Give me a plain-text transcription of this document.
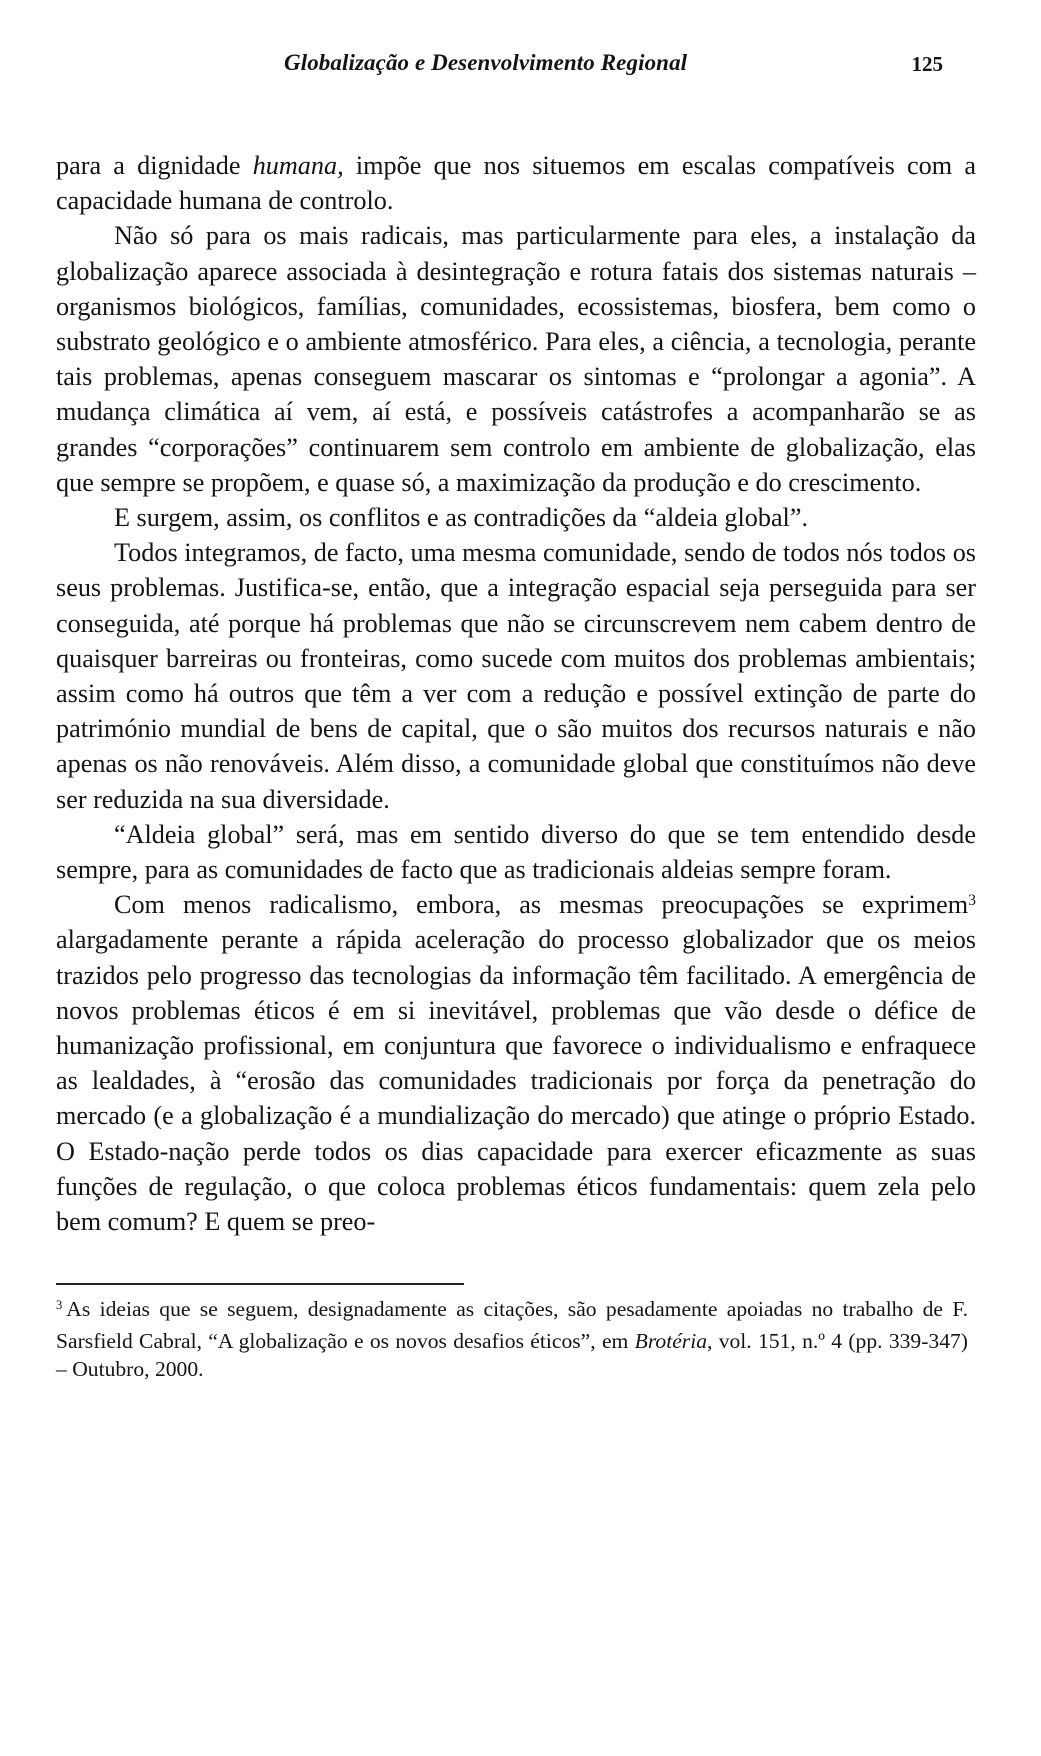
Globalização e Desenvolvimento Regional	125

para a dignidade humana, impõe que nos situemos em escalas compatíveis com a capacidade humana de controlo.

Não só para os mais radicais, mas particularmente para eles, a instalação da globalização aparece associada à desintegração e rotura fatais dos sistemas naturais – organismos biológicos, famílias, comunidades, ecossistemas, biosfera, bem como o substrato geológico e o ambiente atmosférico. Para eles, a ciência, a tecnologia, perante tais problemas, apenas conseguem mascarar os sintomas e “prolongar a agonia”. A mudança climática aí vem, aí está, e possíveis catástrofes a acompanharão se as grandes “corporações” continuarem sem controlo em ambiente de globalização, elas que sempre se propõem, e quase só, a maximização da produção e do crescimento.

E surgem, assim, os conflitos e as contradições da “aldeia global”.

Todos integramos, de facto, uma mesma comunidade, sendo de todos nós todos os seus problemas. Justifica-se, então, que a integração espacial seja perseguida para ser conseguida, até porque há problemas que não se circunscrevem nem cabem dentro de quaisquer barreiras ou fronteiras, como sucede com muitos dos problemas ambientais; assim como há outros que têm a ver com a redução e possível extinção de parte do património mundial de bens de capital, que o são muitos dos recursos naturais e não apenas os não renováveis. Além disso, a comunidade global que constituímos não deve ser reduzida na sua diversidade.

“Aldeia global” será, mas em sentido diverso do que se tem entendido desde sempre, para as comunidades de facto que as tradicionais aldeias sempre foram.

Com menos radicalismo, embora, as mesmas preocupações se exprimem$^3$ alargadamente perante a rápida aceleração do processo globalizador que os meios trazidos pelo progresso das tecnologias da informação têm facilitado. A emergência de novos problemas éticos é em si inevitável, problemas que vão desde o défice de humanização profissional, em conjuntura que favorece o individualismo e enfraquece as lealdades, à “erosão das comunidades tradicionais por força da penetração do mercado (e a globalização é a mundialização do mercado) que atinge o próprio Estado. O Estado-nação perde todos os dias capacidade para exercer eficazmente as suas funções de regulação, o que coloca problemas éticos fundamentais: quem zela pelo bem comum? E quem se preo-

$^3$ As ideias que se seguem, designadamente as citações, são pesadamente apoiadas no trabalho de F. Sarsfield Cabral, “A globalização e os novos desafios éticos”, em Brotéria, vol. 151, n.º 4 (pp. 339-347) – Outubro, 2000.
